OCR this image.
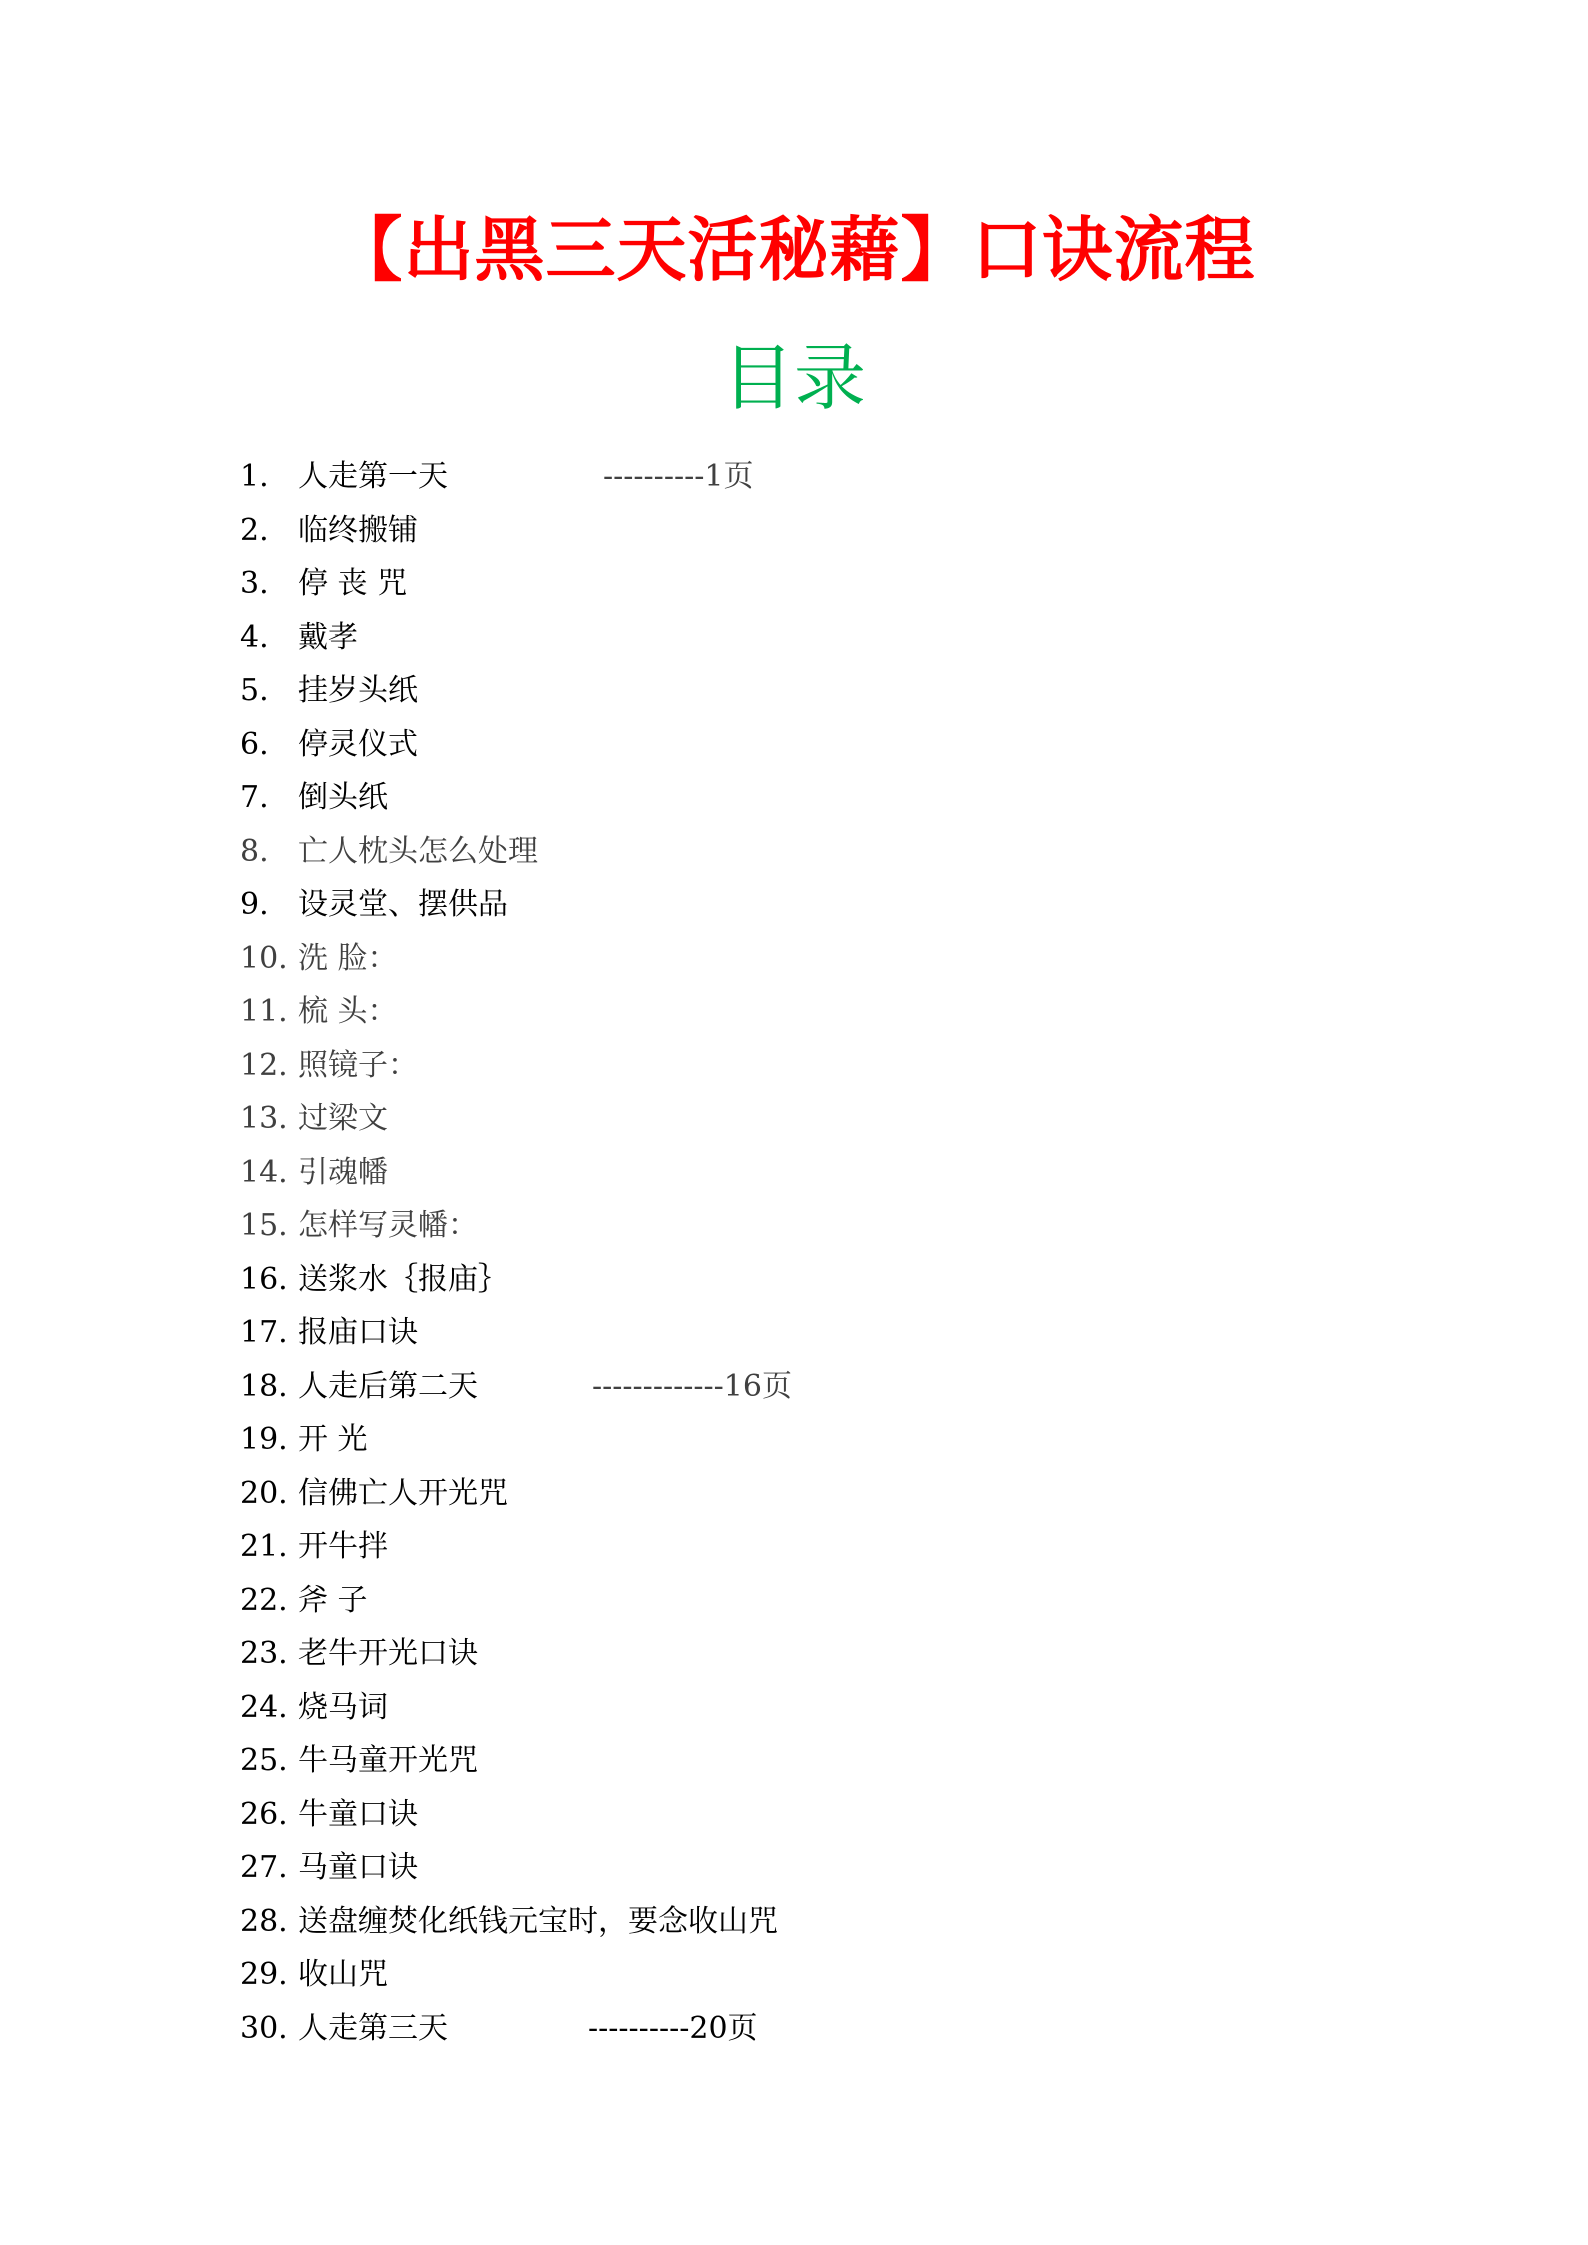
【出黑三天活秘藉】口诀流程
目录
1. 人走第一天	----------1页
2. 临终搬铺
3. 停 丧 咒
4. 戴孝
5. 挂岁头纸
6. 停灵仪式
7. 倒头纸
8. 亡人枕头怎么处理
9. 设灵堂、摆供品
10. 洗 脸：
11. 梳 头：
12. 照镜子：
13. 过梁文
14. 引魂幡
15. 怎样写灵幡：
16. 送浆水｛报庙｝
17. 报庙口诀
18. 人走后第二天	-------------16页
19. 开 光
20. 信佛亡人开光咒
21. 开牛拌
22. 斧 子
23. 老牛开光口诀
24. 烧马词
25. 牛马童开光咒
26. 牛童口诀
27. 马童口诀
28. 送盘缠焚化纸钱元宝时，要念收山咒
29. 收山咒
30. 人走第三天	----------20页
